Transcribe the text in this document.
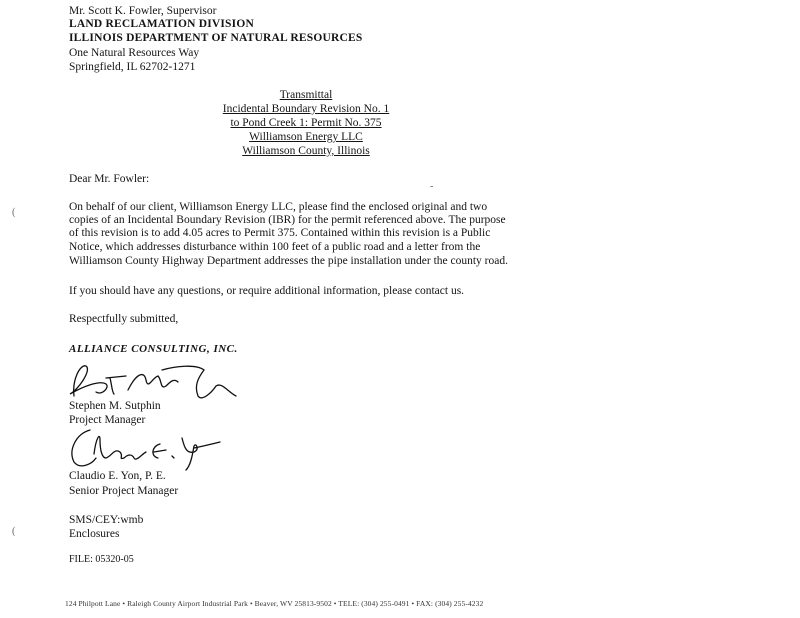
Mr. Scott K. Fowler, Supervisor
LAND RECLAMATION DIVISION
ILLINOIS DEPARTMENT OF NATURAL RESOURCES
One Natural Resources Way
Springfield, IL 62702-1271
Transmittal
Incidental Boundary Revision No. 1
to Pond Creek 1: Permit No. 375
Williamson Energy LLC
Williamson County, Illinois
Dear Mr. Fowler:
On behalf of our client, Williamson Energy LLC, please find the enclosed original and two
copies of an Incidental Boundary Revision (IBR) for the permit referenced above. The purpose
of this revision is to add 4.05 acres to Permit 375. Contained within this revision is a Public
Notice, which addresses disturbance within 100 feet of a public road and a letter from the
Williamson County Highway Department addresses the pipe installation under the county road.
If you should have any questions, or require additional information, please contact us.
Respectfully submitted,
ALLIANCE CONSULTING, INC.
Stephen M. Sutphin
Project Manager
Claudio E. Yon, P. E.
Senior Project Manager
SMS/CEY:wmb
Enclosures
FILE: 05320-05
(
(
-
124 Philpott Lane • Raleigh County Airport Industrial Park • Beaver, WV 25813-9502 • TELE: (304) 255-0491 • FAX: (304) 255-4232
